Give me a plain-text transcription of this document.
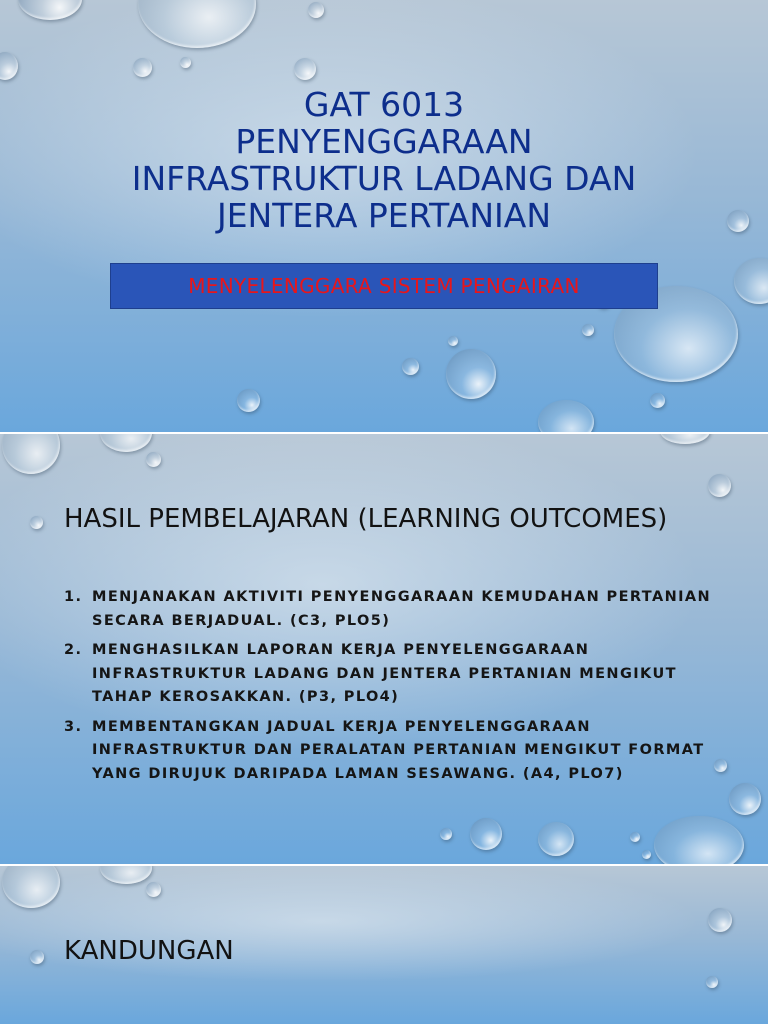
GAT 6013
PENYENGGARAAN
INFRASTRUKTUR LADANG DAN
JENTERA PERTANIAN
MENYELENGGARA SISTEM PENGAIRAN
HASIL PEMBELAJARAN (LEARNING OUTCOMES)
1. MENJANAKAN AKTIVITI PENYENGGARAAN KEMUDAHAN PERTANIAN SECARA BERJADUAL. (C3, PLO5)
2. MENGHASILKAN LAPORAN KERJA PENYELENGGARAAN INFRASTRUKTUR LADANG DAN JENTERA PERTANIAN MENGIKUT TAHAP KEROSAKKAN. (P3, PLO4)
3. MEMBENTANGKAN JADUAL KERJA PENYELENGGARAAN INFRASTRUKTUR DAN PERALATAN PERTANIAN MENGIKUT FORMAT YANG DIRUJUK DARIPADA LAMAN SESAWANG. (A4, PLO7)
KANDUNGAN
